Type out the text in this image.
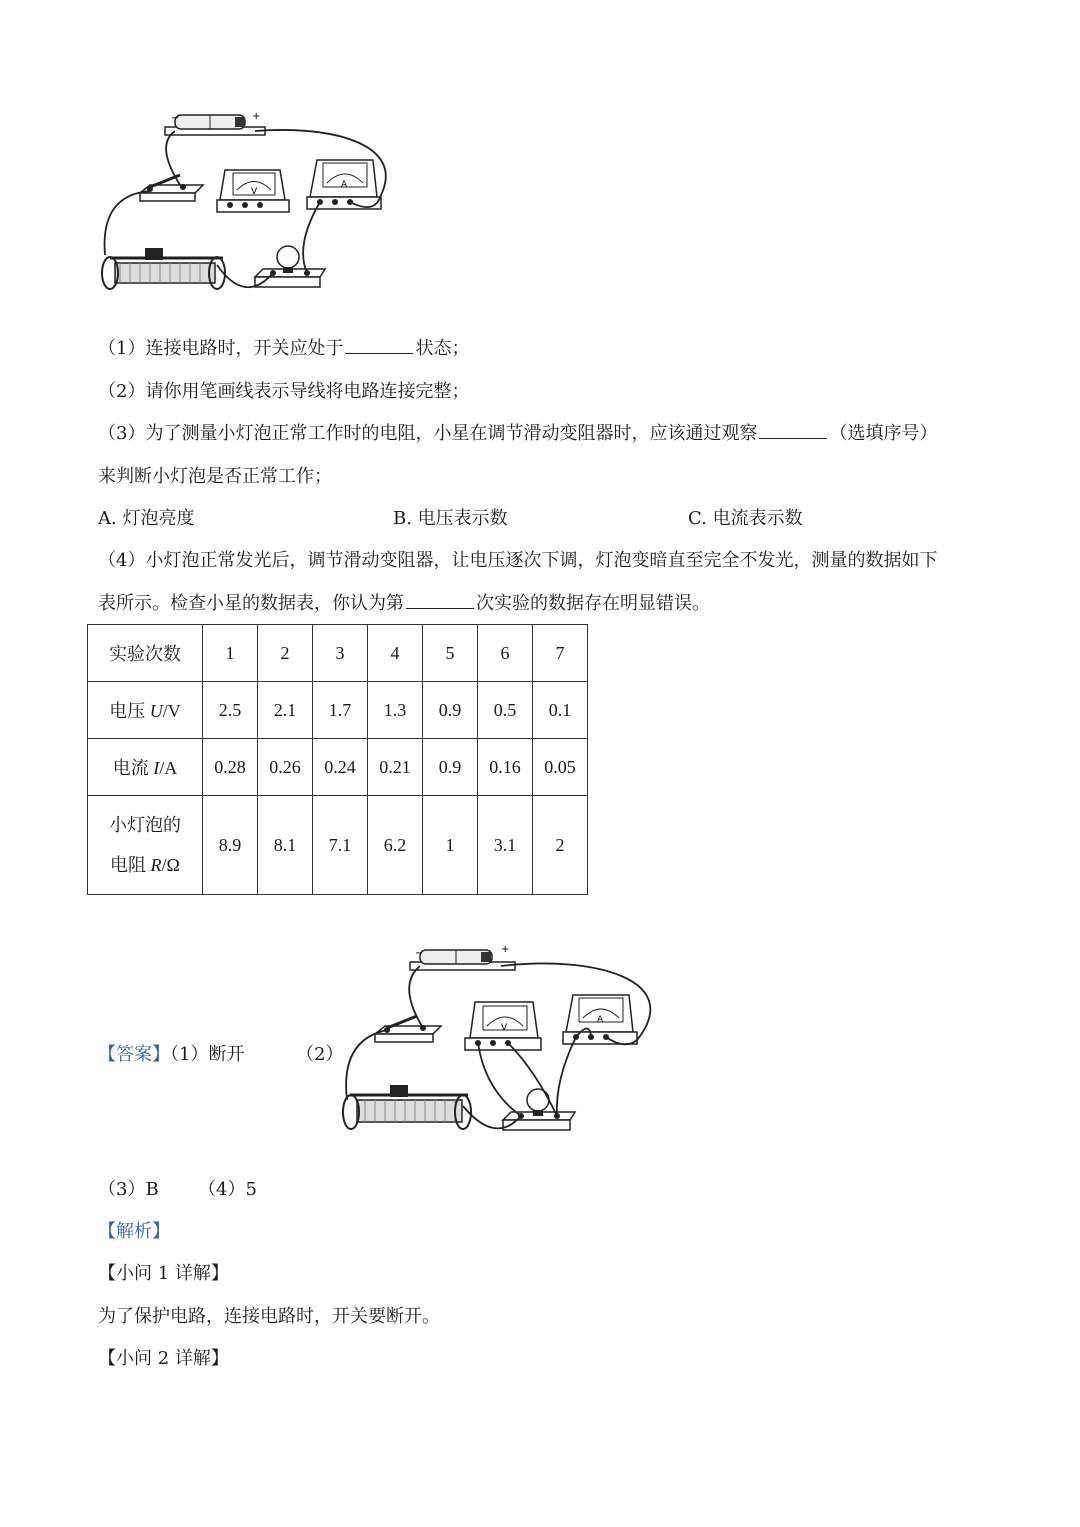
−	+
V
A
（1）连接电路时，开关应处于	状态；
（2）请你用笔画线表示导线将电路连接完整；
（3）为了测量小灯泡正常工作时的电阻，小星在调节滑动变阻器时，应该通过观察	（选填序号）
来判断小灯泡是否正常工作；
A. 灯泡亮度	B. 电压表示数	C. 电流表示数
（4）小灯泡正常发光后，调节滑动变阻器，让电压逐次下调，灯泡变暗直至完全不发光，测量的数据如下
表所示。检查小星的数据表，你认为第	次实验的数据存在明显错误。
实验次数	1	2	3	4	5	6	7
电压 U/V	2.5	2.1	1.7	1.3	0.9	0.5	0.1
电流 I/A	0.28	0.26	0.24	0.21	0.9	0.16	0.05
小灯泡的
电阻 R/Ω	8.9	8.1	7.1	6.2	1	3.1	2
【答案】（1）断开	（2）
−	+
V
A
（3）B （4）5
【解析】
【小问 1 详解】
为了保护电路，连接电路时，开关要断开。
【小问 2 详解】
